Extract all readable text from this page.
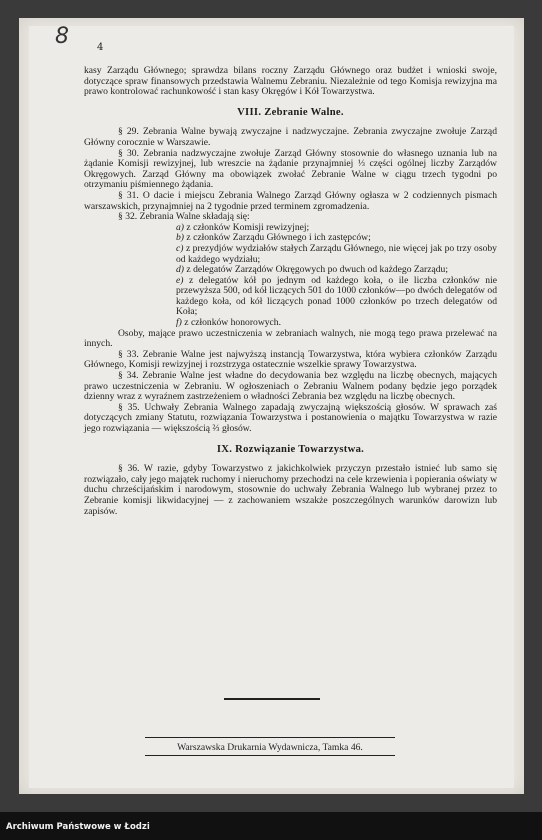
8	4

kasy Zarządu Głównego; sprawdza bilans roczny Zarządu Głównego oraz budżet i wnioski swoje, dotyczące spraw finansowych przedstawia Walnemu Zebraniu. Niezależnie od tego Komisja rewizyjna ma prawo kontrolować rachunkowość i stan kasy Okręgów i Kół Towarzystwa.

VIII. Zebranie Walne.

§ 29. Zebrania Walne bywają zwyczajne i nadzwyczajne. Zebrania zwyczajne zwołuje Zarząd Główny corocznie w Warszawie.

§ 30. Zebrania nadzwyczajne zwołuje Zarząd Główny stosownie do własnego uznania lub na żądanie Komisji rewizyjnej, lub wreszcie na żądanie przynajmniej ⅓ części ogólnej liczby Zarządów Okręgowych. Zarząd Główny ma obowiązek zwołać Zebranie Walne w ciągu trzech tygodni po otrzymaniu piśmiennego żądania.

§ 31. O dacie i miejscu Zebrania Walnego Zarząd Główny ogłasza w 2 codziennych pismach warszawskich, przynajmniej na 2 tygodnie przed terminem zgromadzenia.

§ 32. Zebrania Walne składają się:

a) z członków Komisji rewizyjnej;

b) z członków Zarządu Głównego i ich zastępców;

c) z prezydjów wydziałów stałych Zarządu Głównego, nie więcej jak po trzy osoby od każdego wydziału;

d) z delegatów Zarządów Okręgowych po dwuch od każdego Zarządu;

e) z delegatów kół po jednym od każdego koła, o ile liczba członków nie przewyższa 500, od kół liczących 501 do 1000 członków—po dwóch delegatów od każdego koła, od kół liczących ponad 1000 członków po trzech delegatów od Koła;

f) z członków honorowych.

Osoby, mające prawo uczestniczenia w zebraniach walnych, nie mogą tego prawa przelewać na innych.

§ 33. Zebranie Walne jest najwyższą instancją Towarzystwa, która wybiera członków Zarządu Głównego, Komisji rewizyjnej i rozstrzyga ostatecznie wszelkie sprawy Towarzystwa.

§ 34. Zebranie Walne jest władne do decydowania bez względu na liczbę obecnych, mających prawo uczestniczenia w Zebraniu. W ogłoszeniach o Zebraniu Walnem podany będzie jego porządek dzienny wraz z wyraźnem zastrzeżeniem o władności Zebrania bez względu na liczbę obecnych.

§ 35. Uchwały Zebrania Walnego zapadają zwyczajną większością głosów. W sprawach zaś dotyczących zmiany Statutu, rozwiązania Towarzystwa i postanowienia o majątku Towarzystwa w razie jego rozwiązania — większością ⅔ głosów.

IX. Rozwiązanie Towarzystwa.

§ 36. W razie, gdyby Towarzystwo z jakichkolwiek przyczyn przestało istnieć lub samo się rozwiązało, cały jego majątek ruchomy i nieruchomy przechodzi na cele krzewienia i popierania oświaty w duchu chrześcijańskim i narodowym, stosownie do uchwały Zebrania Walnego lub wybranej przez to Zebranie komisji likwidacyjnej — z zachowaniem wszakże poszczególnych warunków darowizn lub zapisów.

Warszawska Drukarnia Wydawnicza, Tamka 46.
Archiwum Państwowe w Łodzi
